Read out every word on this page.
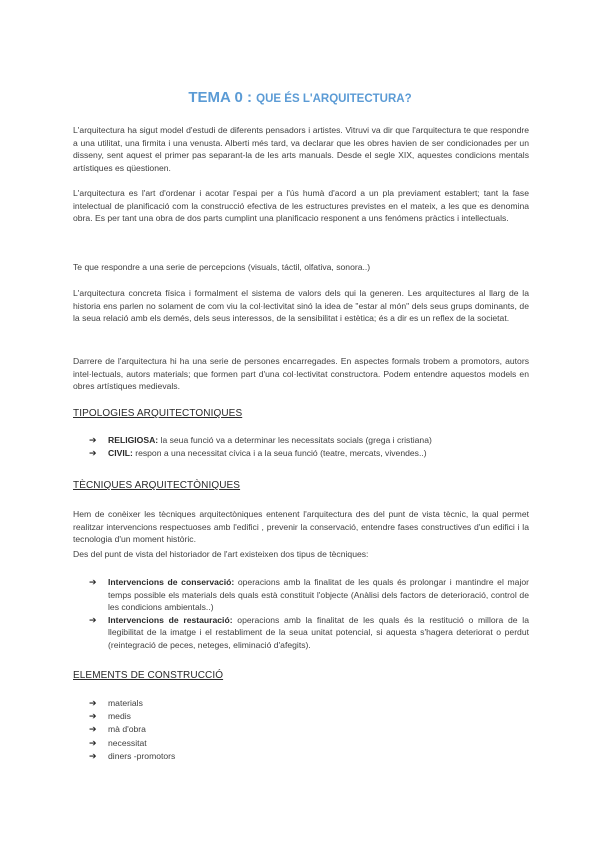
TEMA 0 : QUE ÉS L'ARQUITECTURA?

L'arquitectura ha sigut model d'estudi de diferents pensadors i artistes. Vitruvi va dir que l'arquitectura te que respondre a una utilitat, una firmita i una venusta. Alberti més tard, va declarar que les obres havien de ser condicionades per un disseny, sent aquest el primer pas separant-la de les arts manuals. Desde el segle XIX, aquestes condicions mentals artístiques es qüestionen.

L'arquitectura es l'art d'ordenar i acotar l'espai per a l'ús humà d'acord a un pla previament establert; tant la fase intelectual de planificació com la construcció efectiva de les estructures previstes en el mateix, a les que es denomina obra. Es per tant una obra de dos parts cumplint una planificacio responent a uns fenómens pràctics i intellectuals.

Te que respondre a una serie de percepcions (visuals, táctil, olfativa, sonora..)

L'arquitectura concreta física i formalment el sistema de valors dels qui la generen. Les arquitectures al llarg de la historia ens parlen no solament de com viu la col·lectivitat sinó la idea de "estar al món" dels seus grups dominants, de la seua relació amb els demés, dels seus interessos, de la sensibilitat i estètica; és a dir es un reflex de la societat.

Darrere de l'arquitectura hi ha una serie de persones encarregades. En aspectes formals trobem a promotors, autors intel·lectuals, autors materials; que formen part d'una col·lectivitat constructora. Podem entendre aquestos models en obres artístiques medievals.

TIPOLOGIES ARQUITECTONIQUES
➔ RELIGIOSA: la seua funció va a determinar les necessitats socials (grega i cristiana)
➔ CIVIL: respon a una necessitat cívica i a la seua funció (teatre, mercats, vivendes..)
TÈCNIQUES ARQUITECTÒNIQUES

Hem de conèixer les tècniques arquitectòniques entenent l'arquitectura des del punt de vista tècnic, la qual permet realitzar intervencions respectuoses amb l'edifici , prevenir la conservació, entendre fases constructives d'un edifici i la tecnologia d'un moment històric.

Des del punt de vista del historiador de l'art existeixen dos tipus de tècniques:

➔ Intervencions de conservació: operacions amb la finalitat de les quals és prolongar i mantindre el major temps possible els materials dels quals està constituit l'objecte (Anàlisi dels factors de deterioració, control de les condicions ambientals..)
➔ Intervencions de restauració: operacions amb la finalitat de les quals és la restitució o millora de la llegibilitat de la imatge i el restabliment de la seua unitat potencial, si aquesta s'hagera deteriorat o perdut (reintegració de peces, neteges, eliminació d'afegits).
ELEMENTS DE CONSTRUCCIÓ
➔ materials
➔ medis
➔ mà d'obra
➔ necessitat
➔ diners -promotors
